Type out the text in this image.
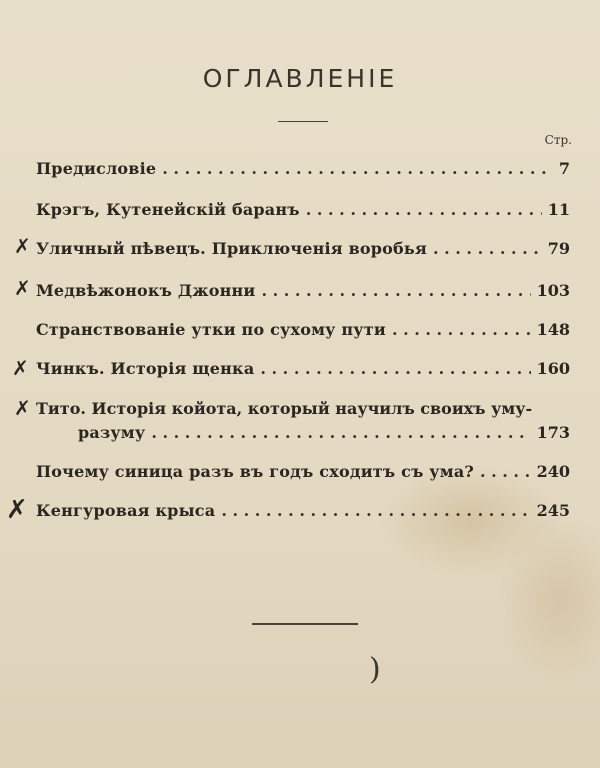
ОГЛАВЛЕНІЕ
Стр.
Предисловіе . . .	7
Крэгъ, Кутенейскій баранъ . . .	11
✗ Уличный пѣвецъ. Приключенія воробья . . .	79
✗ Медвѣжонокъ Джонни . . .	103
Странствованіе утки по сухому пути . . .	148
✗ Чинкъ. Исторія щенка . . .	160
✗ Тито. Исторія койота, который научилъ своихъ уму-
разуму . . .	173
Почему синица разъ въ годъ сходитъ съ ума? . . .	240
✗ Кенгуровая крыса . . .	245
)
